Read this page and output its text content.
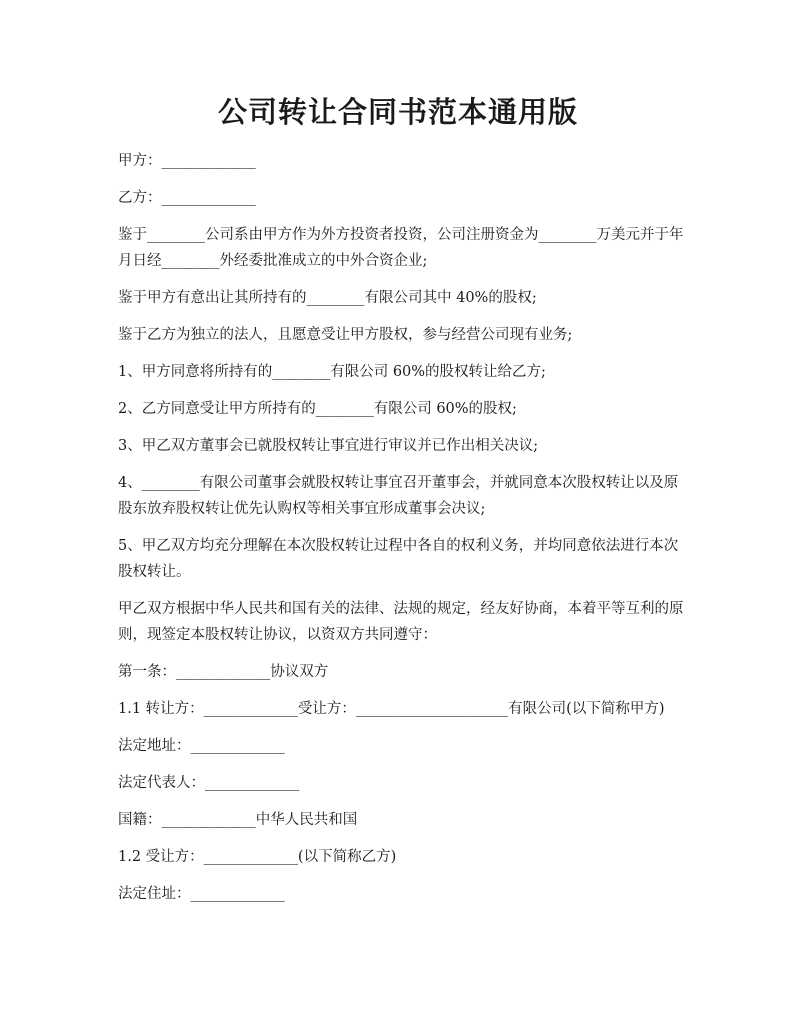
公司转让合同书范本通用版

甲方：_____________

乙方：_____________

鉴于________公司系由甲方作为外方投资者投资，公司注册资金为________万美元并于年月日经________外经委批准成立的中外合资企业;

鉴于甲方有意出让其所持有的________有限公司其中 40%的股权;

鉴于乙方为独立的法人，且愿意受让甲方股权，参与经营公司现有业务;

1、甲方同意将所持有的________有限公司 60%的股权转让给乙方;

2、乙方同意受让甲方所持有的________有限公司 60%的股权;

3、甲乙双方董事会已就股权转让事宜进行审议并已作出相关决议;

4、________有限公司董事会就股权转让事宜召开董事会，并就同意本次股权转让以及原股东放弃股权转让优先认购权等相关事宜形成董事会决议;

5、甲乙双方均充分理解在本次股权转让过程中各自的权利义务，并均同意依法进行本次股权转让。

甲乙双方根据中华人民共和国有关的法律、法规的规定，经友好协商，本着平等互利的原则，现签定本股权转让协议，以资双方共同遵守：

第一条：_____________协议双方

1.1 转让方：_____________受让方：_____________________有限公司(以下简称甲方)

法定地址：_____________

法定代表人：_____________

国籍：_____________中华人民共和国

1.2 受让方：_____________(以下简称乙方)

法定住址：_____________
